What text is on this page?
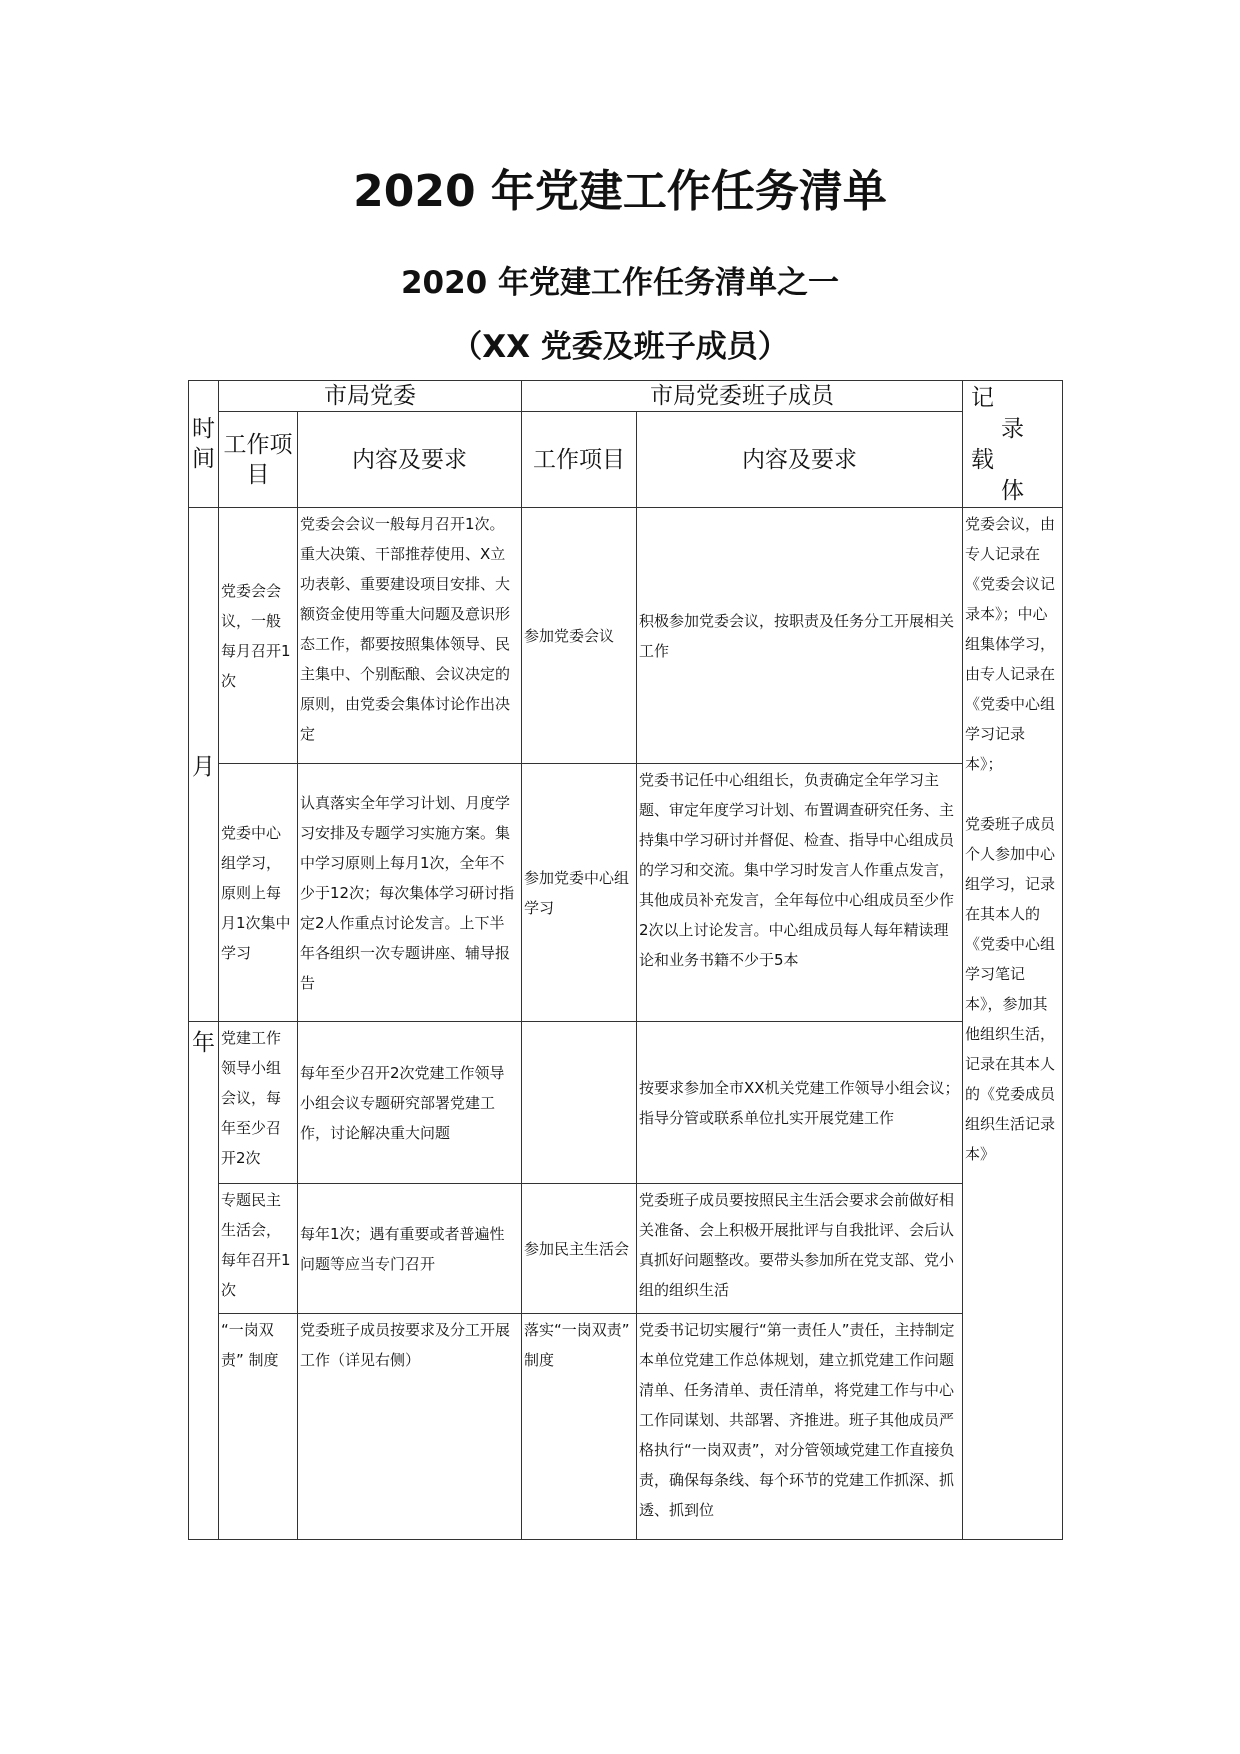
2020 年党建工作任务清单
2020 年党建工作任务清单之一
（XX 党委及班子成员）
时
间	市局党委		市局党委班子成员		记
录
载
体

	工作项目	内容及要求	工作项目	内容及要求	
月	党委会会议，一般每月召开1次	党委会会议一般每月召开1次。重大决策、干部推荐使用、X立功表彰、重要建设项目安排、大额资金使用等重大问题及意识形态工作，都要按照集体领导、民主集中、个别酝酿、会议决定的原则，由党委会集体讨论作出决定	参加党委会议	积极参加党委会议，按职责及任务分工开展相关工作	党委会议，由专人记录在《党委会议记录本》；中心组集体学习，由专人记录在《党委中心组学习记录本》；

党委班子成员个人参加中心组学习，记录在其本人的《党委中心组学习笔记本》，参加其他组织生活，记录在其本人的《党委成员组织生活记录本》

	党委中心组学习，原则上每月1次集中学习	认真落实全年学习计划、月度学习安排及专题学习实施方案。集中学习原则上每月1次，全年不少于12次；每次集体学习研讨指定2人作重点讨论发言。上下半年各组织一次专题讲座、辅导报告	参加党委中心组学习	党委书记任中心组组长，负责确定全年学习主题、审定年度学习计划、布置调查研究任务、主持集中学习研讨并督促、检查、指导中心组成员的学习和交流。集中学习时发言人作重点发言，其他成员补充发言，全年每位中心组成员至少作2次以上讨论发言。中心组成员每人每年精读理论和业务书籍不少于5本	
年	党建工作领导小组会议，每年至少召开2次	每年至少召开2次党建工作领导小组会议专题研究部署党建工作，讨论解决重大问题		按要求参加全市XX机关党建工作领导小组会议；指导分管或联系单位扎实开展党建工作	
	专题民主生活会，每年召开1次	每年1次；遇有重要或者普遍性问题等应当专门召开	参加民主生活会	党委班子成员要按照民主生活会要求会前做好相关准备、会上积极开展批评与自我批评、会后认真抓好问题整改。要带头参加所在党支部、党小组的组织生活	
	“一岗双责” 制度	党委班子成员按要求及分工开展工作（详见右侧）	落实“一岗双责” 制度	党委书记切实履行“第一责任人”责任，主持制定本单位党建工作总体规划，建立抓党建工作问题清单、任务清单、责任清单，将党建工作与中心工作同谋划、共部署、齐推进。班子其他成员严格执行“一岗双责”，对分管领域党建工作直接负责，确保每条线、每个环节的党建工作抓深、抓透、抓到位	
